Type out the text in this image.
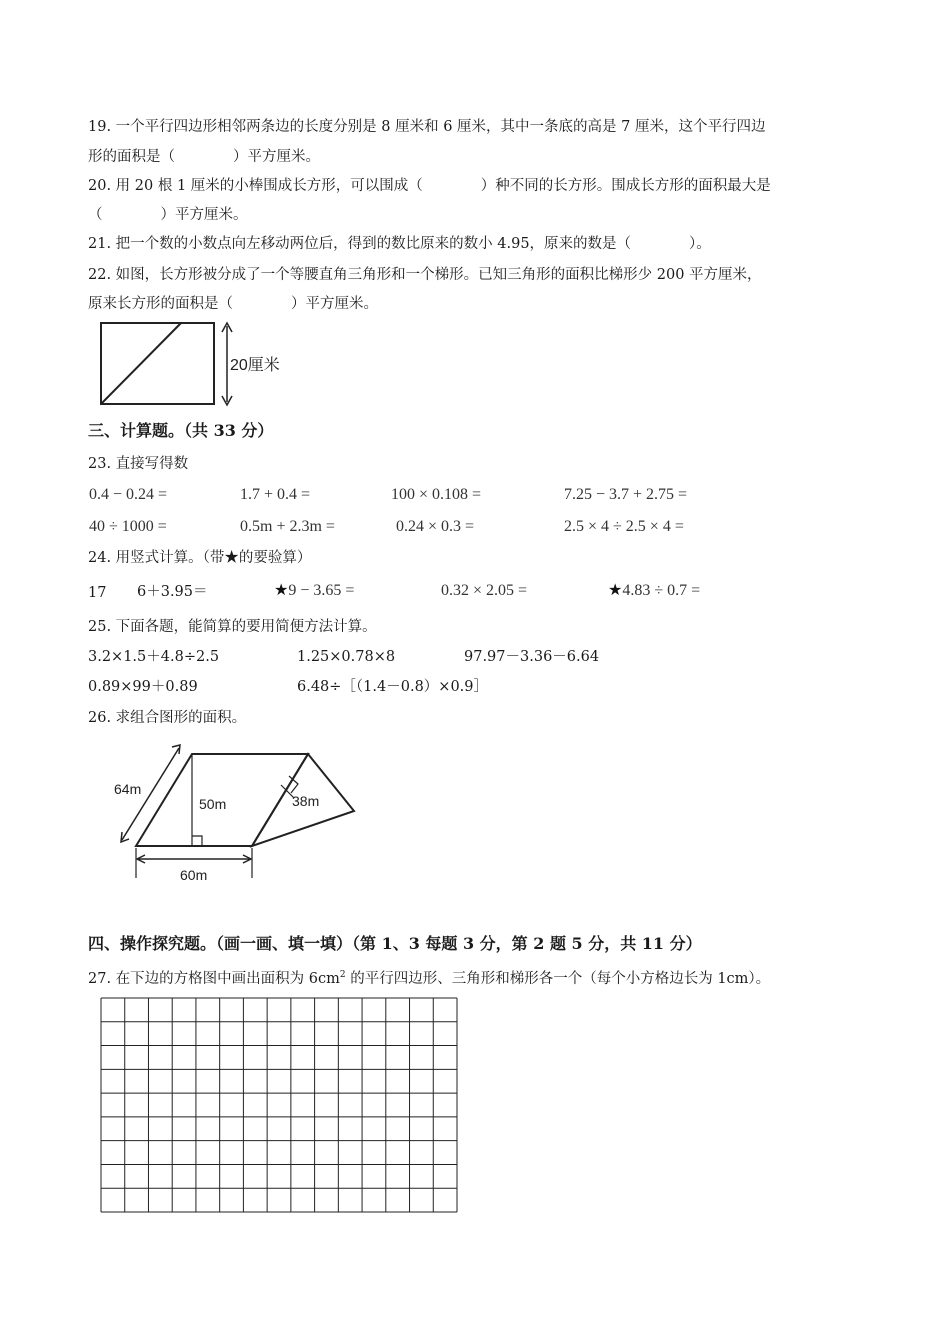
19. 一个平行四边形相邻两条边的长度分别是 8 厘米和 6 厘米，其中一条底的高是 7 厘米，这个平行四边
形的面积是（　　　　）平方厘米。
20. 用 20 根 1 厘米的小棒围成长方形，可以围成（　　　　）种不同的长方形。围成长方形的面积最大是
（　　　　）平方厘米。
21. 把一个数的小数点向左移动两位后，得到的数比原来的数小 4.95，原来的数是（　　　　）。
22. 如图，长方形被分成了一个等腰直角三角形和一个梯形。已知三角形的面积比梯形少 200 平方厘米，
原来长方形的面积是（　　　　）平方厘米。
20厘米
三、计算题。（共 33 分）
23. 直接写得数
0.4 − 0.24 =	1.7 + 0.4 =	100 × 0.108 =	7.25 − 3.7 + 2.75 =
40 ÷ 1000 =	0.5m + 2.3m =	0.24 × 0.3 =	2.5 × 4 ÷ 2.5 × 4 =
24. 用竖式计算。（带★的要验算）
17 6＋3.95＝	★9 − 3.65 =	0.32 × 2.05 =	★4.83 ÷ 0.7 =
25. 下面各题，能简算的要用简便方法计算。
3.2×1.5＋4.8÷2.5	1.25×0.78×8	97.97－3.36－6.64
0.89×99＋0.89	6.48÷［（1.4－0.8）×0.9］
26. 求组合图形的面积。
64m
50m	38m
60m
四、操作探究题。（画一画、填一填）（第 1、3 每题 3 分，第 2 题 5 分，共 11 分）
27. 在下边的方格图中画出面积为 $6cm^2$ 的平行四边形、三角形和梯形各一个（每个小方格边长为 1cm）。
